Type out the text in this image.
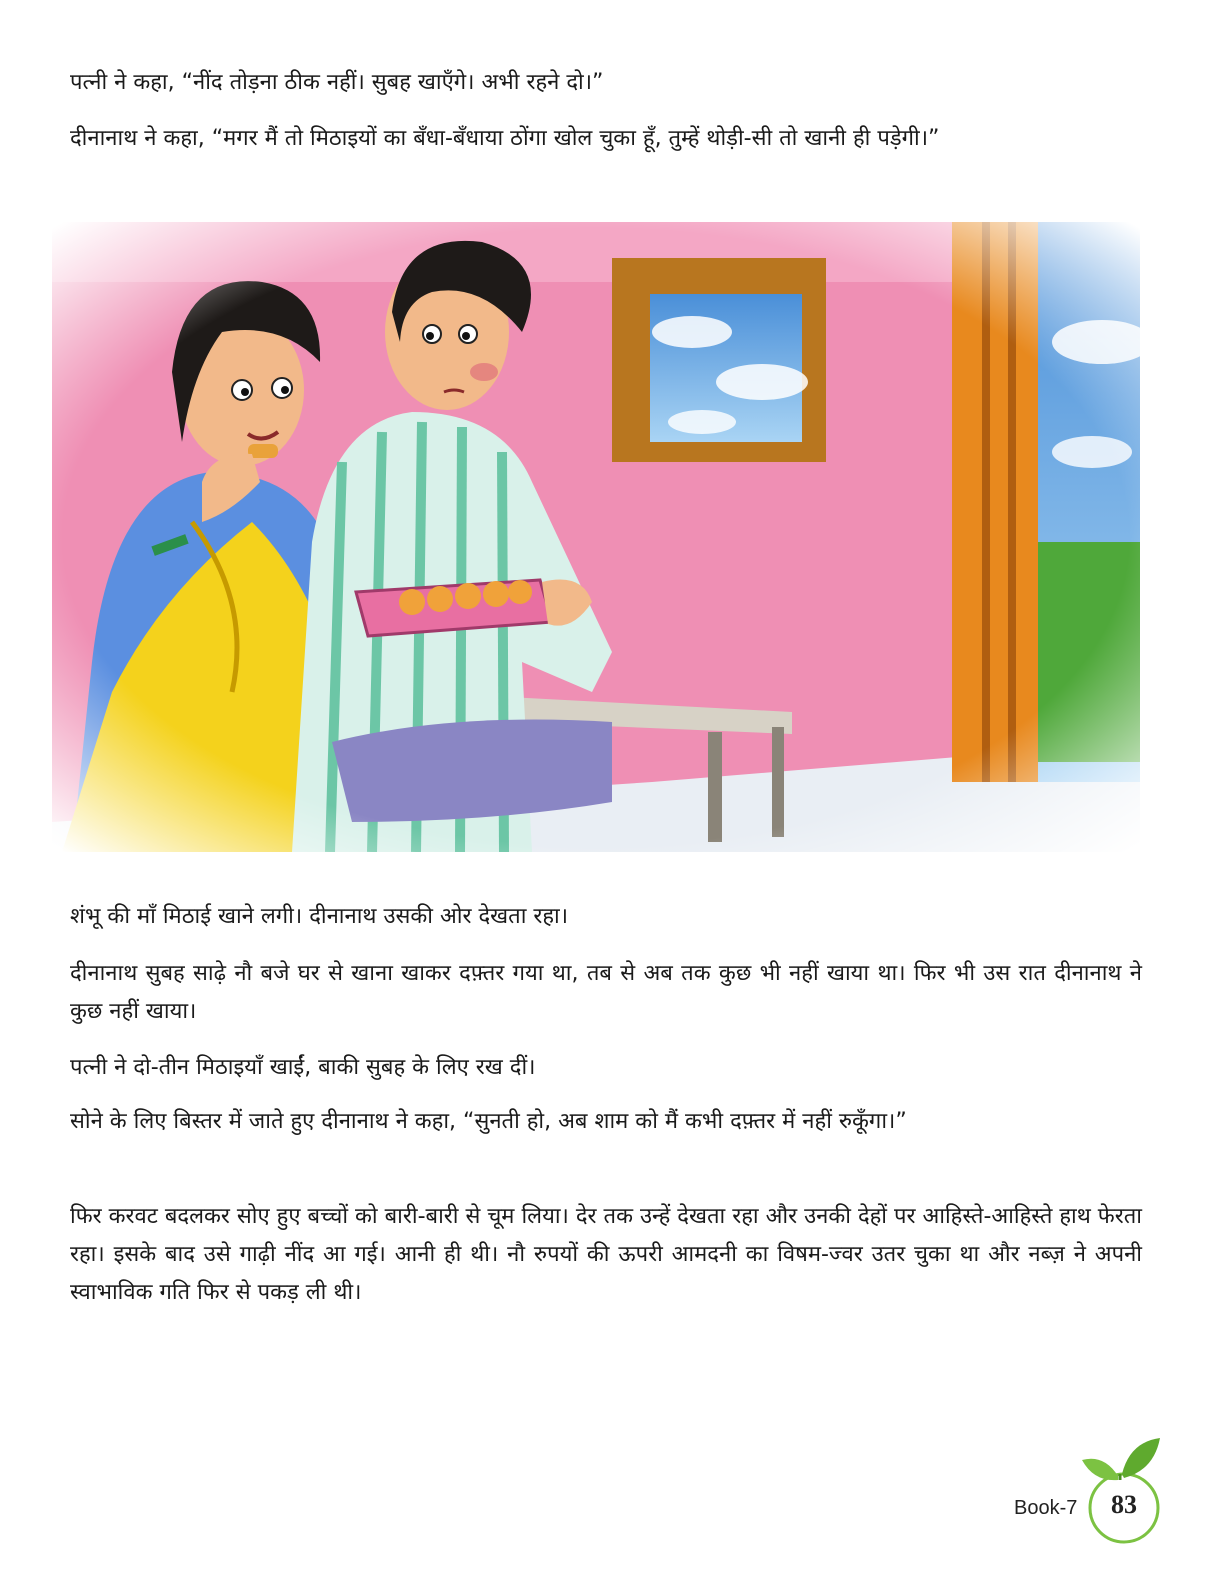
पत्नी ने कहा, “नींद तोड़ना ठीक नहीं। सुबह खाएँगे। अभी रहने दो।”

दीनानाथ ने कहा, “मगर मैं तो मिठाइयों का बँधा-बँधाया ठोंगा खोल चुका हूँ, तुम्हें थोड़ी-सी तो खानी ही पड़ेगी।”

शंभू की माँ मिठाई खाने लगी। दीनानाथ उसकी ओर देखता रहा।

दीनानाथ सुबह साढ़े नौ बजे घर से खाना खाकर दफ़्तर गया था, तब से अब तक कुछ भी नहीं खाया था। फिर भी उस रात दीनानाथ ने कुछ नहीं खाया।

पत्नी ने दो-तीन मिठाइयाँ खाईं, बाकी सुबह के लिए रख दीं।

सोने के लिए बिस्तर में जाते हुए दीनानाथ ने कहा, “सुनती हो, अब शाम को मैं कभी दफ़्तर में नहीं रुकूँगा।”

फिर करवट बदलकर सोए हुए बच्चों को बारी-बारी से चूम लिया। देर तक उन्हें देखता रहा और उनकी देहों पर आहिस्ते-आहिस्ते हाथ फेरता रहा। इसके बाद उसे गाढ़ी नींद आ गई। आनी ही थी। नौ रुपयों की ऊपरी आमदनी का विषम-ज्वर उतर चुका था और नब्ज़ ने अपनी स्वाभाविक गति फिर से पकड़ ली थी।

Book-7	83
